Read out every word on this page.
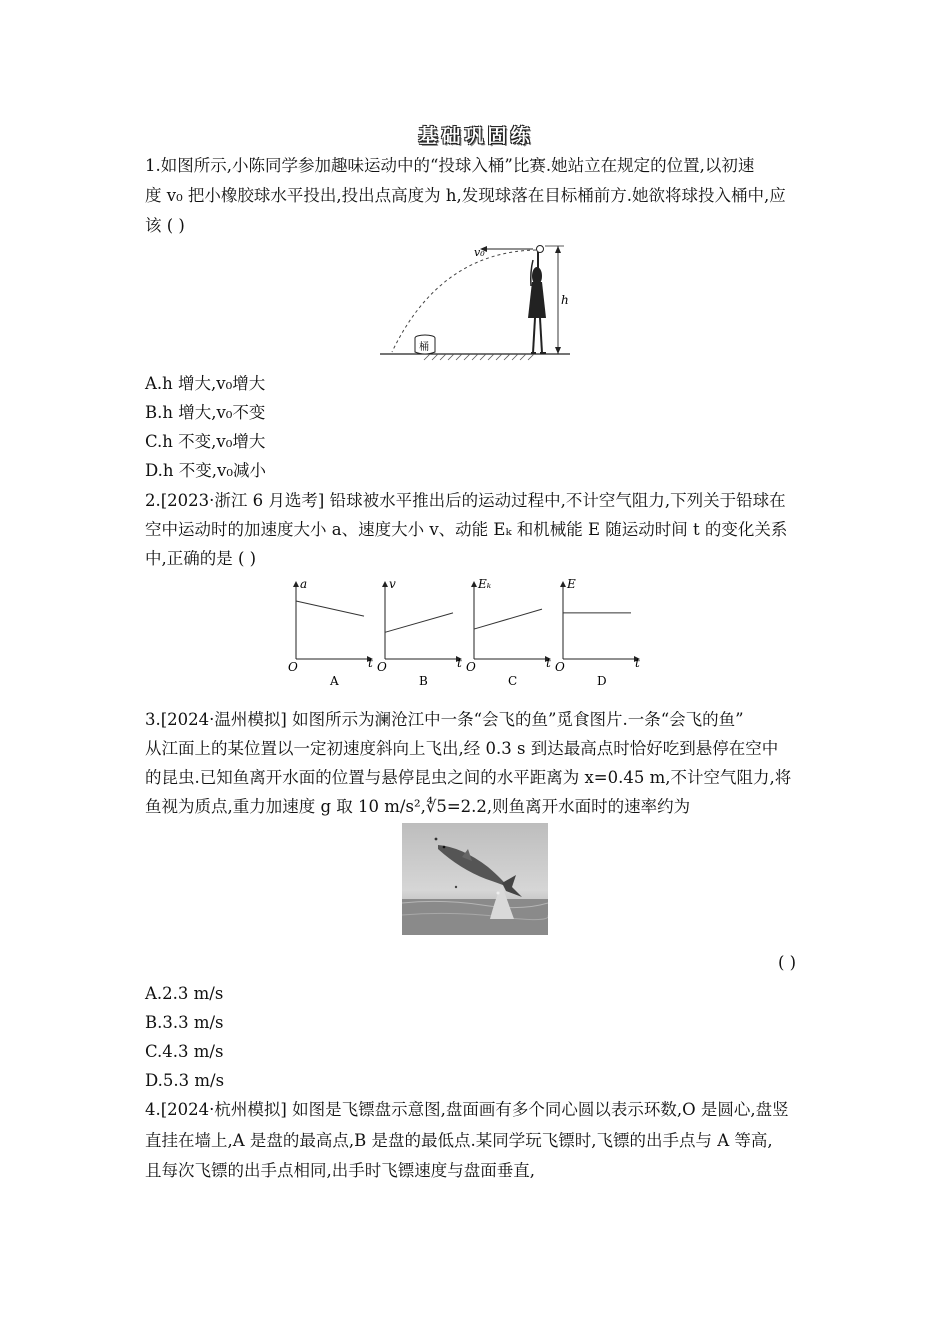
基础巩固练
1.如图所示,小陈同学参加趣味运动中的“投球入桶”比赛.她站立在规定的位置,以初速
度 v₀ 把小橡胶球水平投出,投出点高度为 h,发现球落在目标桶前方.她欲将球投入桶中,应
该 ( )
v₀
h
桶
A.h 增大,v₀增大
B.h 增大,v₀不变
C.h 不变,v₀增大
D.h 不变,v₀减小
2.[2023·浙江 6 月选考] 铅球被水平推出后的运动过程中,不计空气阻力,下列关于铅球在
空中运动时的加速度大小 a、速度大小 v、动能 Eₖ 和机械能 E 随运动时间 t 的变化关系
中,正确的是 ( )
a
t
O
A
v
t
O
B
Eₖ
t
O
C
E
t
O
D
3.[2024·温州模拟] 如图所示为澜沧江中一条“会飞的鱼”觅食图片.一条“会飞的鱼”
从江面上的某位置以一定初速度斜向上飞出,经 0.3 s 到达最高点时恰好吃到悬停在空中
的昆虫.已知鱼离开水面的位置与悬停昆虫之间的水平距离为 x=0.45 m,不计空气阻力,将
鱼视为质点,重力加速度 g 取 10 m/s²,∜5=2.2,则鱼离开水面时的速率约为
( )
A.2.3 m/s
B.3.3 m/s
C.4.3 m/s
D.5.3 m/s
4.[2024·杭州模拟] 如图是飞镖盘示意图,盘面画有多个同心圆以表示环数,O 是圆心,盘竖
直挂在墙上,A 是盘的最高点,B 是盘的最低点.某同学玩飞镖时,飞镖的出手点与 A 等高,
且每次飞镖的出手点相同,出手时飞镖速度与盘面垂直,
